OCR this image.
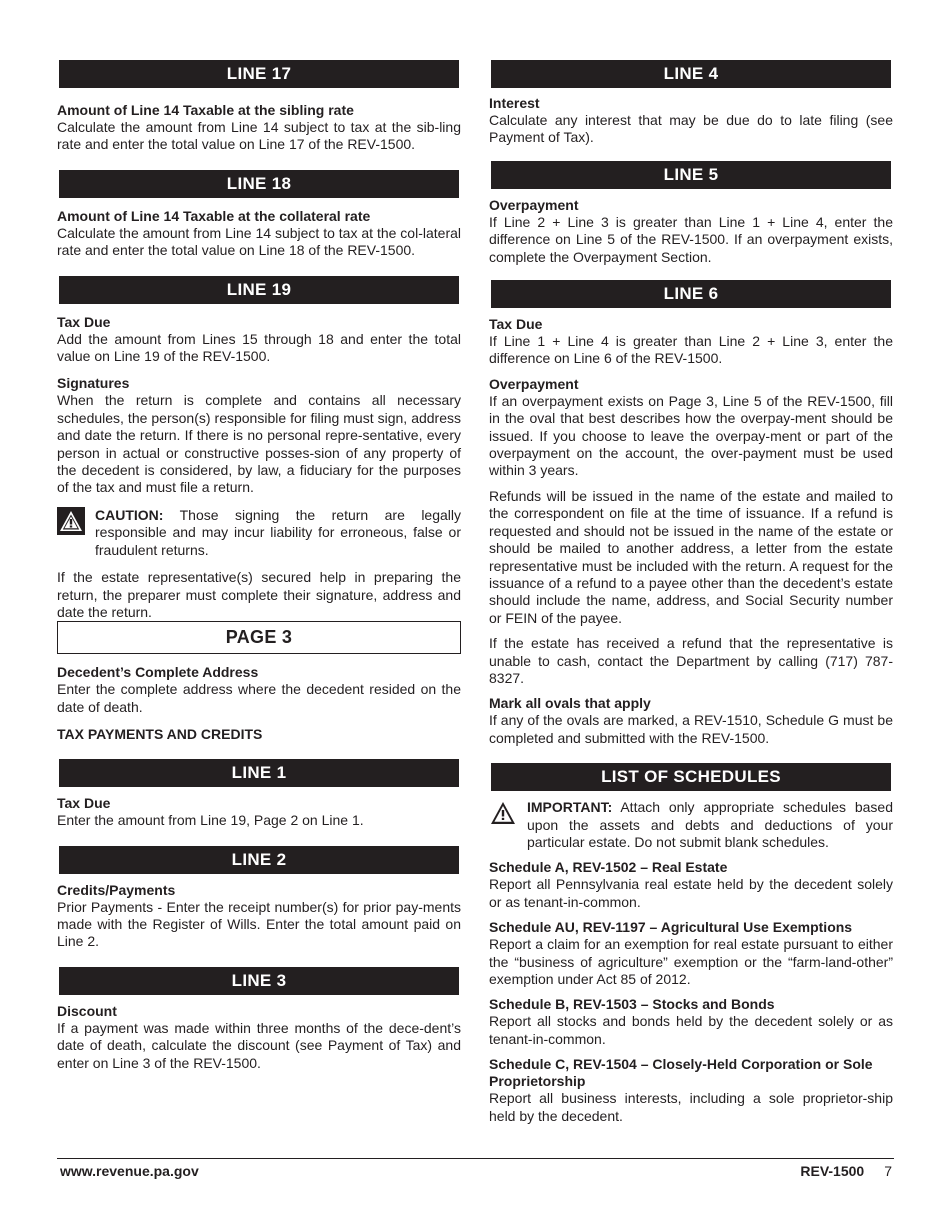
LINE 17
Amount of Line 14 Taxable at the sibling rate

Calculate the amount from Line 14 subject to tax at the sib-ling rate and enter the total value on Line 17 of the REV-1500.

LINE 18
Amount of Line 14 Taxable at the collateral rate

Calculate the amount from Line 14 subject to tax at the col-lateral rate and enter the total value on Line 18 of the REV-1500.

LINE 19
Tax Due

Add the amount from Lines 15 through 18 and enter the total value on Line 19 of the REV-1500.

Signatures

When the return is complete and contains all necessary schedules, the person(s) responsible for filing must sign, address and date the return. If there is no personal repre-sentative, every person in actual or constructive posses-sion of any property of the decedent is considered, by law, a fiduciary for the purposes of the tax and must file a return.

CAUTION: Those signing the return are legally responsible and may incur liability for erroneous, false or fraudulent returns.

If the estate representative(s) secured help in preparing the return, the preparer must complete their signature, address and date the return.

PAGE 3
Decedent’s Complete Address

Enter the complete address where the decedent resided on the date of death.

TAX PAYMENTS AND CREDITS
LINE 1
Tax Due

Enter the amount from Line 19, Page 2 on Line 1.

LINE 2
Credits/Payments

Prior Payments - Enter the receipt number(s) for prior pay-ments made with the Register of Wills. Enter the total amount paid on Line 2.

LINE 3
Discount

If a payment was made within three months of the dece-dent’s date of death, calculate the discount (see Payment of Tax) and enter on Line 3 of the REV-1500.

LINE 4
Interest

Calculate any interest that may be due do to late filing (see Payment of Tax).

LINE 5
Overpayment

If Line 2 + Line 3 is greater than Line 1 + Line 4, enter the difference on Line 5 of the REV-1500. If an overpayment exists, complete the Overpayment Section.

LINE 6
Tax Due

If Line 1 + Line 4 is greater than Line 2 + Line 3, enter the difference on Line 6 of the REV-1500.

Overpayment

If an overpayment exists on Page 3, Line 5 of the REV-1500, fill in the oval that best describes how the overpay-ment should be issued. If you choose to leave the overpay-ment or part of the overpayment on the account, the over-payment must be used within 3 years.

Refunds will be issued in the name of the estate and mailed to the correspondent on file at the time of issuance. If a refund is requested and should not be issued in the name of the estate or should be mailed to another address, a letter from the estate representative must be included with the return. A request for the issuance of a refund to a payee other than the decedent’s estate should include the name, address, and Social Security number or FEIN of the payee.

If the estate has received a refund that the representative is unable to cash, contact the Department by calling (717) 787-8327.

Mark all ovals that apply

If any of the ovals are marked, a REV-1510, Schedule G must be completed and submitted with the REV-1500.

LIST OF SCHEDULES

IMPORTANT: Attach only appropriate schedules based upon the assets and debts and deductions of your particular estate. Do not submit blank schedules.

Schedule A, REV-1502 – Real Estate

Report all Pennsylvania real estate held by the decedent solely or as tenant-in-common.

Schedule AU, REV-1197 – Agricultural Use Exemptions

Report a claim for an exemption for real estate pursuant to either the “business of agriculture” exemption or the “farm-land-other” exemption under Act 85 of 2012.

Schedule B, REV-1503 – Stocks and Bonds

Report all stocks and bonds held by the decedent solely or as tenant-in-common.

Schedule C, REV-1504 – Closely-Held Corporation or Sole Proprietorship

Report all business interests, including a sole proprietor-ship held by the decedent.

www.revenue.pa.gov	REV-1500 7
